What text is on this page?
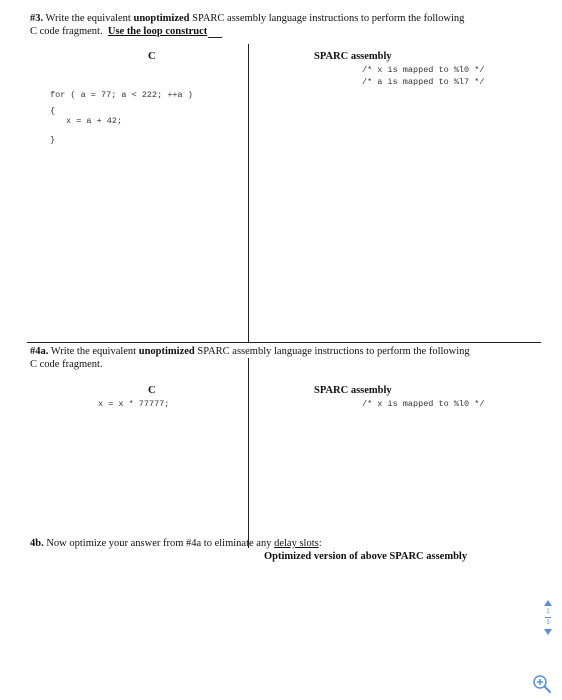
#3. Write the equivalent unoptimized SPARC assembly language instructions to perform the following
C code fragment. Use the loop construct
C	SPARC assembly
/* x is mapped to %l0 */
/* a is mapped to %l7 */
for ( a = 77; a < 222; ++a )
{
x = a + 42;
}
#4a. Write the equivalent unoptimized SPARC assembly language instructions to perform the following
C code fragment.
C	SPARC assembly
x = x * 77777;	/* x is mapped to %l0 */
4b. Now optimize your answer from #4a to eliminate any delay slots:
Optimized version of above SPARC assembly
2
3
